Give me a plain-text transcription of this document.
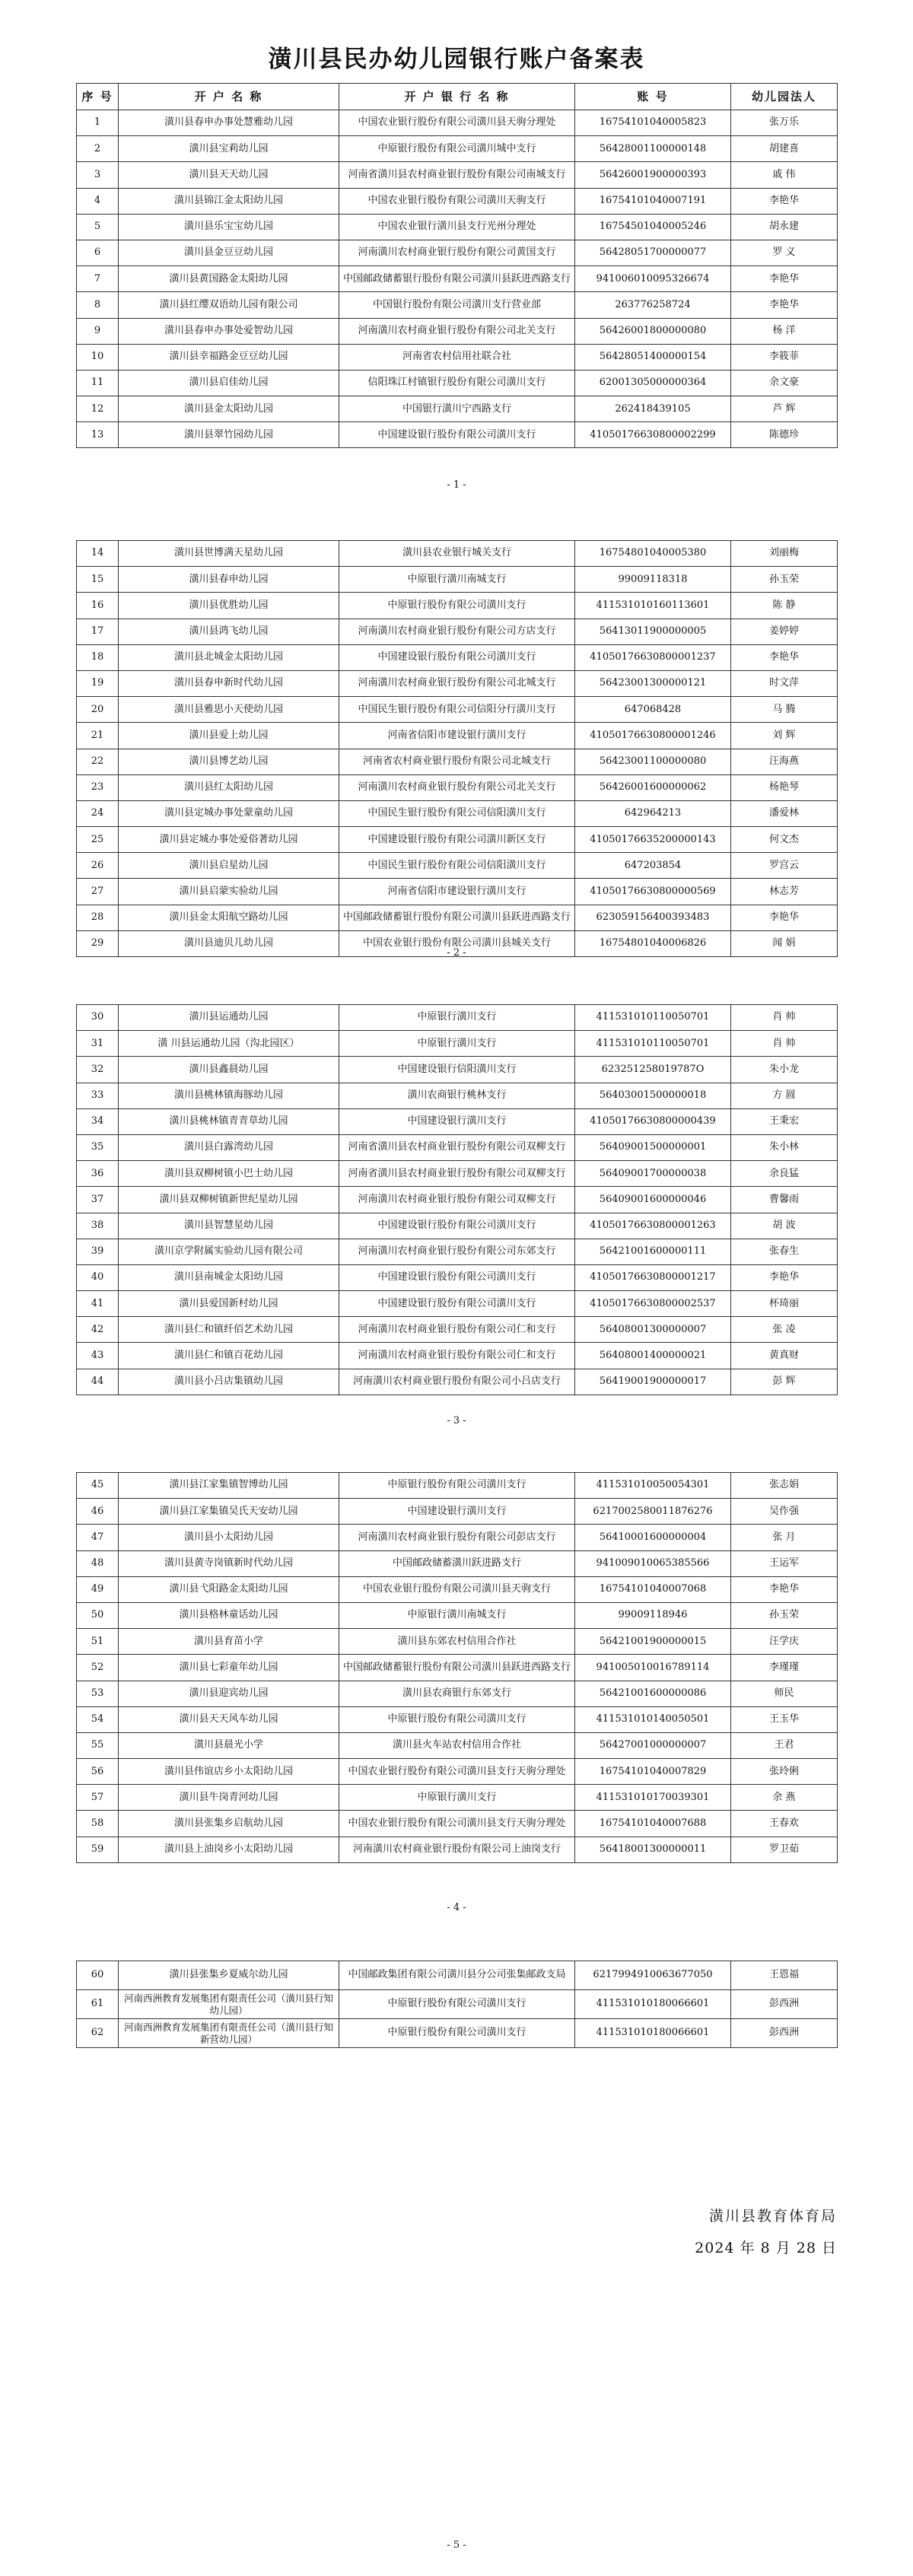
潢川县民办幼儿园银行账户备案表
序 号	开 户 名 称	开 户 银 行 名 称	账 号	幼儿园法人
1	潢川县春申办事处慧雅幼儿园	中国农业银行股份有限公司潢川县天驹分理处	16754101040005823	张万乐
2	潢川县宝莉幼儿园	中原银行股份有限公司潢川城中支行	56428001100000148	胡建喜
3	潢川县天天幼儿园	河南省潢川县农村商业银行股份有限公司南城支行	56426001900000393	戚 伟
4	潢川县锦江金太阳幼儿园	中国农业银行股份有限公司潢川天驹支行	16754101040007191	李艳华
5	潢川县乐宝宝幼儿园	中国农业银行潢川县支行光州分理处	16754501040005246	胡永建
6	潢川县金豆豆幼儿园	河南潢川农村商业银行股份有限公司黄国支行	56428051700000077	罗 义
7	潢川县黄国路金太阳幼儿园	中国邮政储蓄银行股份有限公司潢川县跃进西路支行	941006010095326674	李艳华
8	潢川县红缨双语幼儿园有限公司	中国银行股份有限公司潢川支行营业部	263776258724	李艳华
9	潢川县春申办事处爱智幼儿园	河南潢川农村商业银行股份有限公司北关支行	56426001800000080	杨 洋
10	潢川县幸福路金豆豆幼儿园	河南省农村信用社联合社	56428051400000154	李筱菲
11	潢川县启佳幼儿园	信阳珠江村镇银行股份有限公司潢川支行	62001305000000364	余文豪
12	潢川县金太阳幼儿园	中国银行潢川宁西路支行	262418439105	芦 辉
13	潢川县翠竹园幼儿园	中国建设银行股份有限公司潢川支行	41050176630800002299	陈德珍
- 1 -
14	潢川县世博满天星幼儿园	潢川县农业银行城关支行	16754801040005380	刘丽梅
15	潢川县春申幼儿园	中原银行潢川南城支行	99009118318	孙玉荣
16	潢川县优胜幼儿园	中原银行股份有限公司潢川支行	411531010160113601	陈 静
17	潢川县鸿飞幼儿园	河南潢川农村商业银行股份有限公司方店支行	56413011900000005	姜婷婷
18	潢川县北城金太阳幼儿园	中国建设银行股份有限公司潢川支行	41050176630800001237	李艳华
19	潢川县春申新时代幼儿园	河南潢川农村商业银行股份有限公司北城支行	56423001300000121	时文萍
20	潢川县雅思小天使幼儿园	中国民生银行股份有限公司信阳分行潢川支行	647068428	马 腾
21	潢川县爱上幼儿园	河南省信阳市建设银行潢川支行	41050176630800001246	刘 辉
22	潢川县博艺幼儿园	河南省农村商业银行股份有限公司北城支行	56423001100000080	汪海燕
23	潢川县红太阳幼儿园	河南潢川农村商业银行股份有限公司北关支行	56426001600000062	杨艳琴
24	潢川县定城办事处蒙童幼儿园	中国民生银行股份有限公司信阳潢川支行	642964213	潘爱林
25	潢川县定城办事处爱俗著幼儿园	中国建设银行股份有限公司潢川新区支行	41050176635200000143	何文杰
26	潢川县启星幼儿园	中国民生银行股份有限公司信阳潢川支行	647203854	罗宫云
27	潢川县启蒙实验幼儿园	河南省信阳市建设银行潢川支行	41050176630800000569	林志芳
28	潢川县金太阳航空路幼儿园	中国邮政储蓄银行股份有限公司潢川县跃进西路支行	623059156400393483	李艳华
29	潢川县迪贝儿幼儿园	中国农业银行股份有限公司潢川县城关支行	16754801040006826	闻 娟
- 2 -
30	潢川县运通幼儿园	中原银行潢川支行	411531010110050701	肖 帅
31	潢 川县运通幼儿园（沟北园区）	中原银行潢川支行	411531010110050701	肖 帅
32	潢川县鑫晨幼儿园	中国建设银行信阳潢川支行	623251258019787O	朱小龙
33	潢川县桃林镇海豚幼儿园	潢川农商银行桃林支行	56403001500000018	方 圆
34	潢川县桃林镇青青草幼儿园	中国建设银行潢川支行	41050176630800000439	王秉宏
35	潢川县白露湾幼儿园	河南省潢川县农村商业银行股份有限公司双柳支行	56409001500000001	朱小林
36	潢川县双柳树镇小巴士幼儿园	河南省潢川县农村商业银行股份有限公司双柳支行	56409001700000038	余良猛
37	潢川县双柳树镇新世纪星幼儿园	河南潢川农村商业银行股份有限公司双柳支行	56409001600000046	曹馨雨
38	潢川县智慧星幼儿园	中国建设银行股份有限公司潢川支行	41050176630800001263	胡 波
39	潢川京学附属实验幼儿园有限公司	河南潢川农村商业银行股份有限公司东郊支行	56421001600000111	张春生
40	潢川县南城金太阳幼儿园	中国建设银行股份有限公司潢川支行	41050176630800001217	李艳华
41	潢川县爱国新村幼儿园	中国建设银行股份有限公司潢川支行	41050176630800002537	杯琦丽
42	潢川县仁和镇纤佰艺术幼儿园	河南潢川农村商业银行股份有限公司仁和支行	56408001300000007	张 凌
43	潢川县仁和镇百花幼儿园	河南潢川农村商业银行股份有限公司仁和支行	56408001400000021	黄真财
44	潢川县小吕店集镇幼儿园	河南潢川农村商业银行股份有限公司小吕店支行	56419001900000017	彭 辉
- 3 -
45	潢川县江家集镇智博幼儿园	中原银行股份有限公司潢川支行	411531010050054301	张志娟
46	潢川县江家集镇吴氏天安幼儿园	中国建设银行潢川支行	6217002580011876276	吴作强
47	潢川县小太阳幼儿园	河南潢川农村商业银行股份有限公司彭店支行	56410001600000004	张 月
48	潢川县黄寺岗镇新时代幼儿园	中国邮政储蓄潢川跃进路支行	941009010065385566	王运军
49	潢川县弋阳路金太阳幼儿园	中国农业银行股份有限公司潢川县天驹支行	16754101040007068	李艳华
50	潢川县格林童话幼儿园	中原银行潢川南城支行	99009118946	孙玉荣
51	潢川县育苗小学	潢川县东郊农村信用合作社	56421001900000015	汪学庆
52	潢川县七彩童年幼儿园	中国邮政储蓄银行股份有限公司潢川县跃进西路支行	941005010016789114	李瑾瑾
53	潢川县迎宾幼儿园	潢川县农商银行东郊支行	56421001600000086	师民
54	潢川县天天风车幼儿园	中原银行股份有限公司潢川支行	411531010140050501	王玉华
55	潢川县晨光小学	潢川县火车站农村信用合作社	56427001000000007	王君
56	潢川县伟谊店乡小太阳幼儿园	中国农业银行股份有限公司潢川县支行天驹分理处	16754101040007829	张玲俐
57	潢川县牛岗青河幼儿园	中原银行潢川支行	411531010170039301	余 燕
58	潢川县张集乡启航幼儿园	中国农业银行股份有限公司潢川县支行天驹分理处	16754101040007688	王春欢
59	潢川县上油岗乡小太阳幼儿园	河南潢川农村商业银行股份有限公司上油岗支行	56418001300000011	罗卫茹
- 4 -
60	潢川县张集乡夏威尔幼儿园	中国邮政集团有限公司潢川县分公司张集邮政支局	6217994910063677050	王恩福
61	河南西洲教育发展集团有限责任公司（潢川县行知幼儿园）	中原银行股份有限公司潢川支行	411531010180066601	彭西洲
62	河南西洲教育发展集团有限责任公司（潢川县行知新营幼儿园）	中原银行股份有限公司潢川支行	411531010180066601	彭西洲
- 5 -
潢川县教育体育局
2024 年 8 月 28 日
